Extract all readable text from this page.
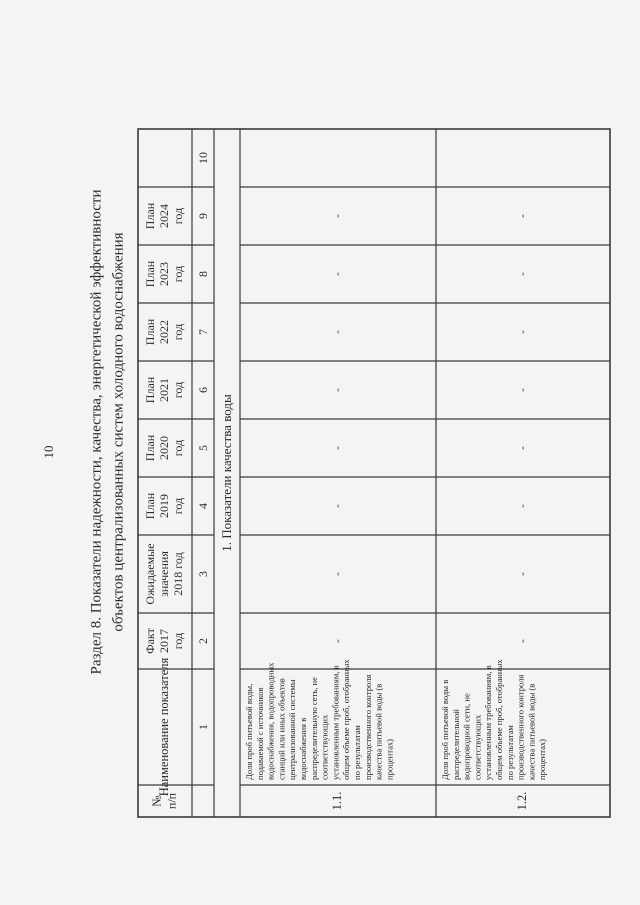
10 Раздел 8. Показатели надежности, качества, энергетической эффективности объектов централизованных систем холодного водоснабжения
№ п/п
Наименование показателя
Факт 2017 год
Ожидаемые значения 2018 год
План 2019 год
План 2020 год
План 2021 год
План 2022 год
План 2023 год
План 2024 год
1
2
3
4
5
6
7
8
9
10
1. Показатели качества воды
1.1.
Доля проб питьевой воды, подаваемой с источников водоснабжения, водопроводных станций или иных объектов централизованной системы водоснабжения в распределительную сеть, не соответствующих установленным требованиям, в общем объеме проб, отобранных по результатам производственного контроля качества питьевой воды (в процентах)
-
-
-
-
-
-
-
-
1.2.
Доля проб питьевой воды в распределительной водопроводной сети, не соответствующих установленным требованиям, в общем объеме проб, отобранных по результатам производственного контроля качества питьевой воды (в процентах)
-
-
-
-
-
-
-
-
